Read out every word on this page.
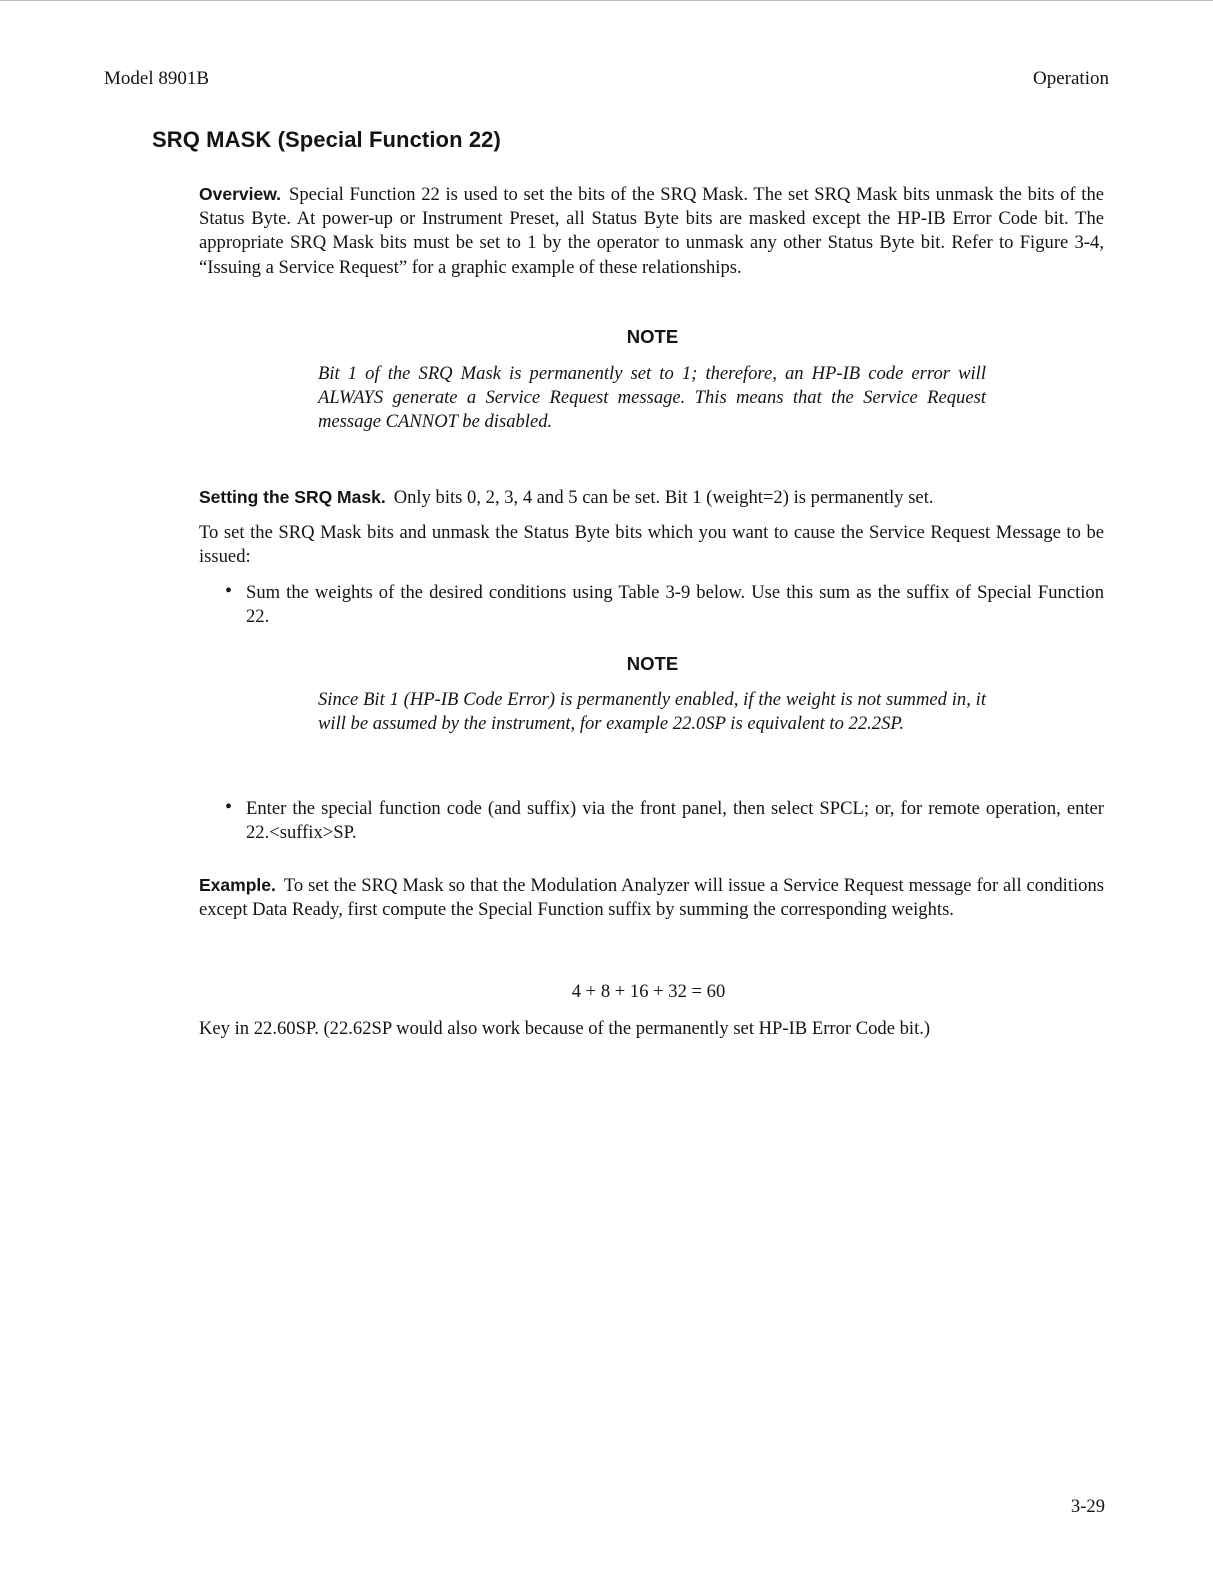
Model 8901B	Operation
SRQ MASK (Special Function 22)

Overview. Special Function 22 is used to set the bits of the SRQ Mask. The set SRQ Mask bits unmask the bits of the Status Byte. At power-up or Instrument Preset, all Status Byte bits are masked except the HP-IB Error Code bit. The appropriate SRQ Mask bits must be set to 1 by the operator to unmask any other Status Byte bit. Refer to Figure 3-4, “Issuing a Service Request” for a graphic example of these relationships.

NOTE

Bit 1 of the SRQ Mask is permanently set to 1; therefore, an HP-IB code error will ALWAYS generate a Service Request message. This means that the Service Request message CANNOT be disabled.

Setting the SRQ Mask. Only bits 0, 2, 3, 4 and 5 can be set. Bit 1 (weight=2) is permanently set.

To set the SRQ Mask bits and unmask the Status Byte bits which you want to cause the Service Request Message to be issued:

• Sum the weights of the desired conditions using Table 3-9 below. Use this sum as the suffix of Special Function 22.

NOTE

Since Bit 1 (HP-IB Code Error) is permanently enabled, if the weight is not summed in, it will be assumed by the instrument, for example 22.0SP is equivalent to 22.2SP.

• Enter the special function code (and suffix) via the front panel, then select SPCL; or, for remote operation, enter 22.<suffix>SP.

Example. To set the SRQ Mask so that the Modulation Analyzer will issue a Service Request message for all conditions except Data Ready, first compute the Special Function suffix by summing the corresponding weights.

4 + 8 + 16 + 32 = 60

Key in 22.60SP. (22.62SP would also work because of the permanently set HP-IB Error Code bit.)

3-29
